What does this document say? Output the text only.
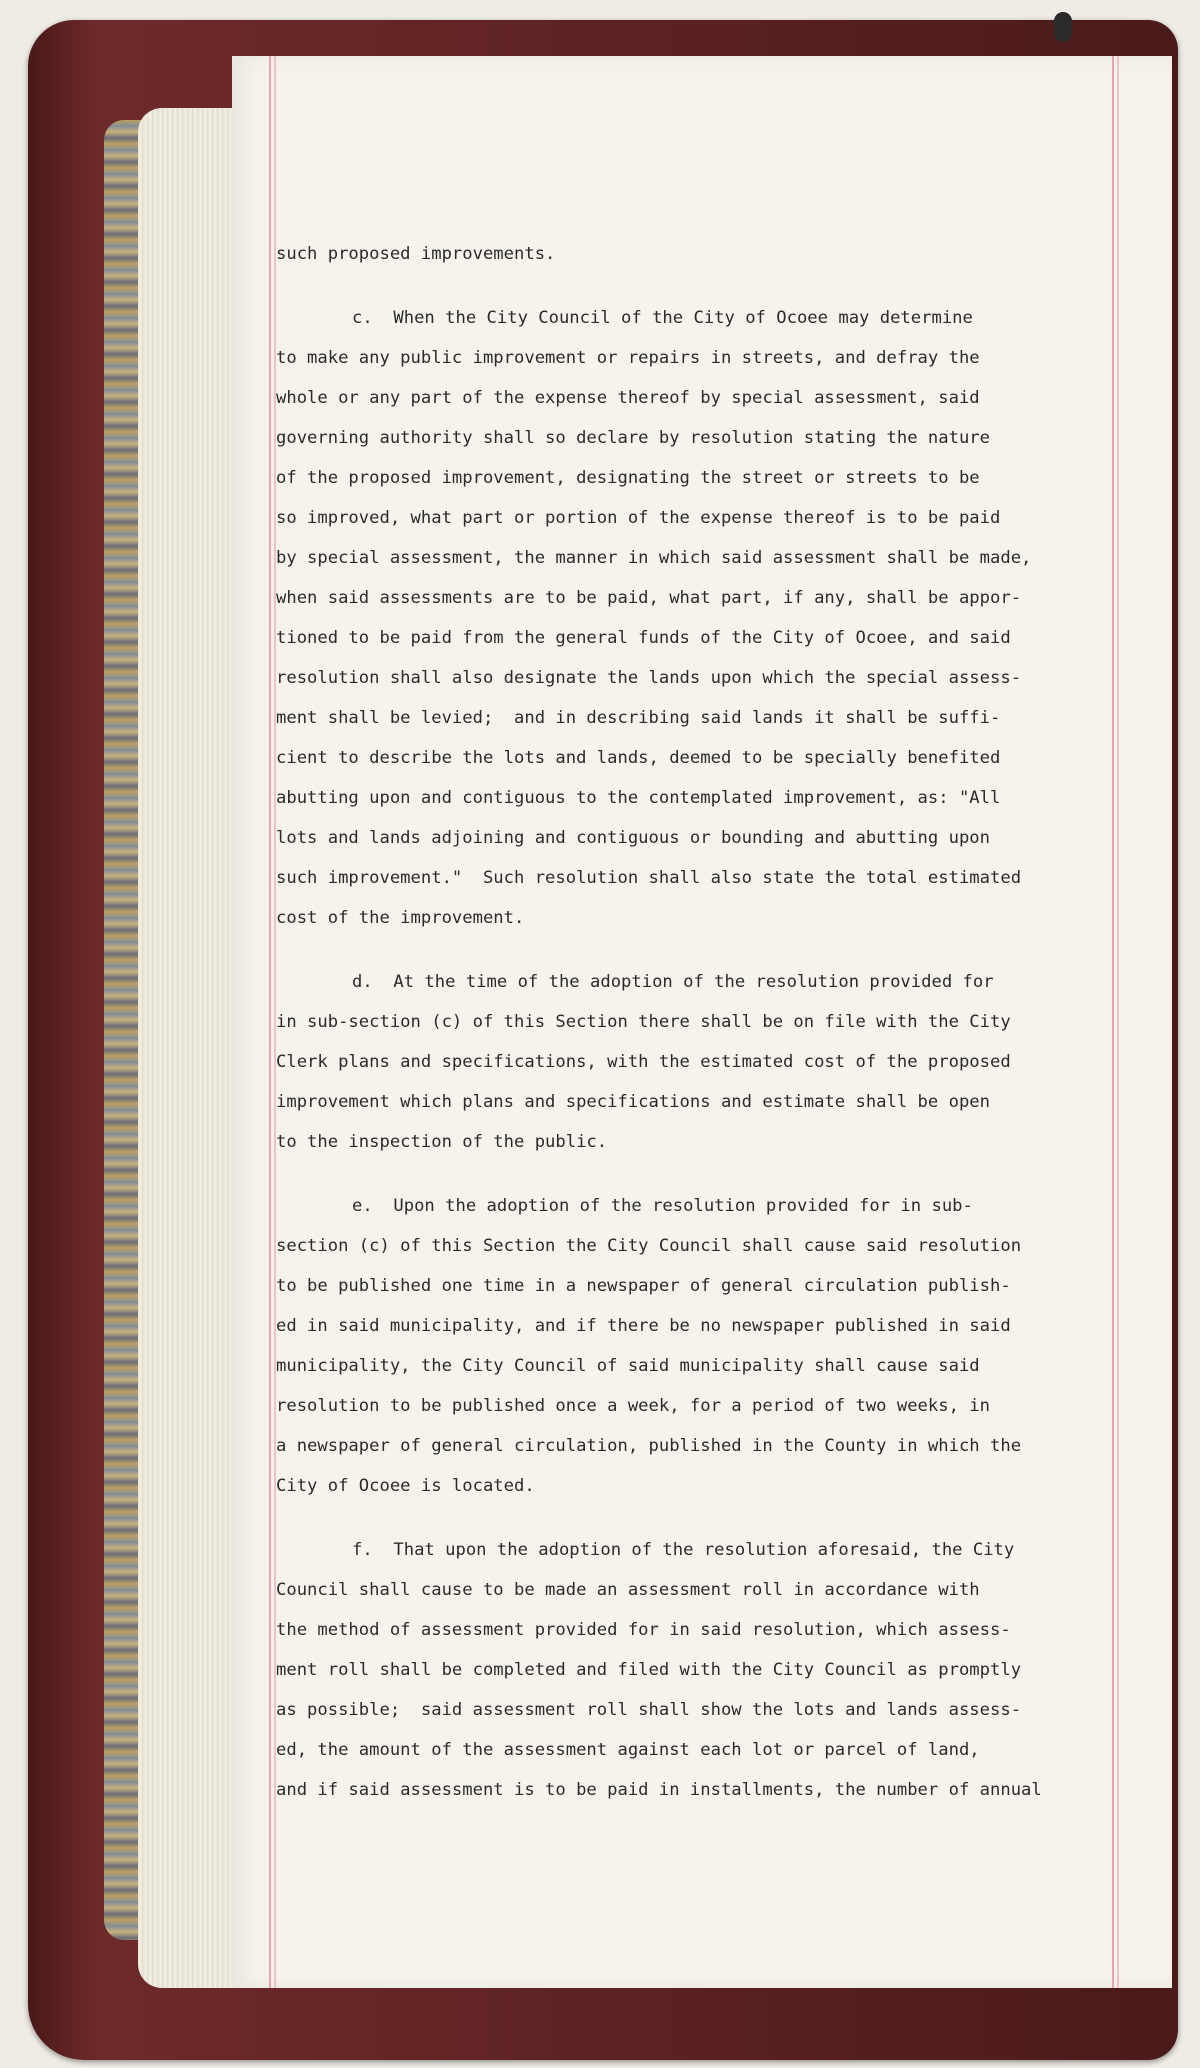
such proposed improvements.

c.  When the City Council of the City of Ocoee may determine

to make any public improvement or repairs in streets, and defray the

whole or any part of the expense thereof by special assessment, said

governing authority shall so declare by resolution stating the nature

of the proposed improvement, designating the street or streets to be

so improved, what part or portion of the expense thereof is to be paid

by special assessment, the manner in which said assessment shall be made,

when said assessments are to be paid, what part, if any, shall be appor-

tioned to be paid from the general funds of the City of Ocoee, and said

resolution shall also designate the lands upon which the special assess-

ment shall be levied;  and in describing said lands it shall be suffi-

cient to describe the lots and lands, deemed to be specially benefited

abutting upon and contiguous to the contemplated improvement, as: "All

lots and lands adjoining and contiguous or bounding and abutting upon

such improvement."  Such resolution shall also state the total estimated

cost of the improvement.

d.  At the time of the adoption of the resolution provided for

in sub-section (c) of this Section there shall be on file with the City

Clerk plans and specifications, with the estimated cost of the proposed

improvement which plans and specifications and estimate shall be open

to the inspection of the public.

e.  Upon the adoption of the resolution provided for in sub-

section (c) of this Section the City Council shall cause said resolution

to be published one time in a newspaper of general circulation publish-

ed in said municipality, and if there be no newspaper published in said

municipality, the City Council of said municipality shall cause said

resolution to be published once a week, for a period of two weeks, in

a newspaper of general circulation, published in the County in which the

City of Ocoee is located.

f.  That upon the adoption of the resolution aforesaid, the City

Council shall cause to be made an assessment roll in accordance with

the method of assessment provided for in said resolution, which assess-

ment roll shall be completed and filed with the City Council as promptly

as possible;  said assessment roll shall show the lots and lands assess-

ed, the amount of the assessment against each lot or parcel of land,

and if said assessment is to be paid in installments, the number of annual
